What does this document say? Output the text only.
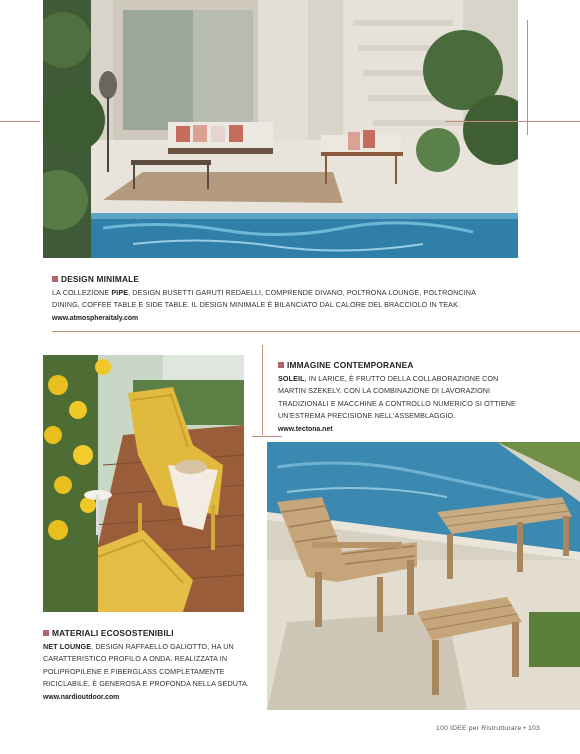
DESIGN MINIMALE
LA COLLEZIONE PIPE, DESIGN BUSETTI GARUTI REDAELLI, COMPRENDE DIVANO, POLTRONA LOUNGE, POLTRONCINA DINING, COFFEE TABLE E SIDE TABLE. IL DESIGN MINIMALE È BILANCIATO DAL CALORE DEL BRACCIOLO IN TEAK.
www.atmospheraitaly.com
IMMAGINE CONTEMPORANEA
SOLEIL, IN LARICE, È FRUTTO DELLA COLLABORAZIONE CON MARTIN SZEKELY. CON LA COMBINAZIONE DI LAVORAZIONI TRADIZIONALI E MACCHINE A CONTROLLO NUMERICO SI OTTIENE UN'ESTREMA PRECISIONE NELL'ASSEMBLAGGIO.
www.tectona.net
MATERIALI ECOSOSTENIBILI
NET LOUNGE, DESIGN RAFFAELLO GALIOTTO, HA UN CARATTERISTICO PROFILO A ONDA. REALIZZATA IN POLIPROPILENE E FIBERGLASS COMPLETAMENTE RICICLABILE, È GENEROSA E PROFONDA NELLA SEDUTA.
www.nardioutdoor.com
100 IDEE per Ristrutturare • 103
